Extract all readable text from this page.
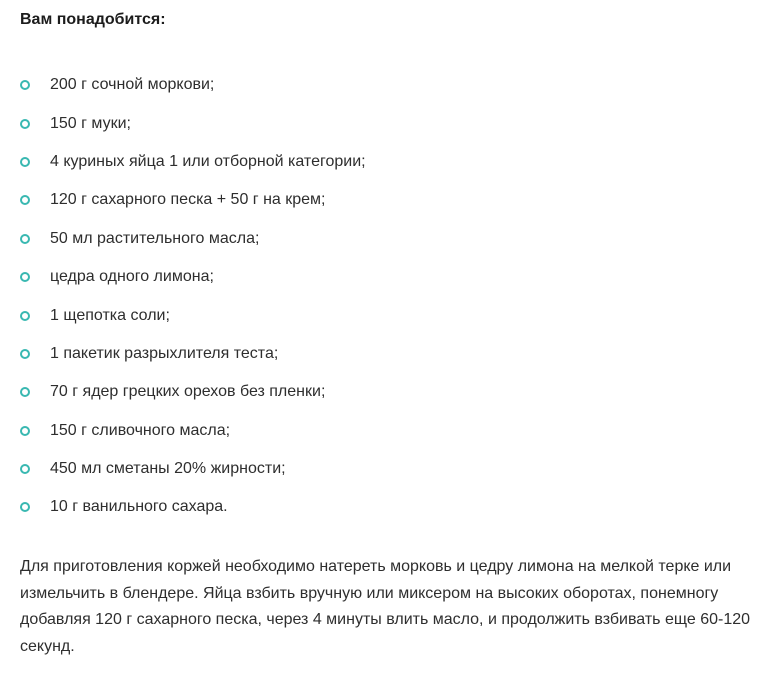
Вам понадобится:
200 г сочной моркови;
150 г муки;
4 куриных яйца 1 или отборной категории;
120 г сахарного песка + 50 г на крем;
50 мл растительного масла;
цедра одного лимона;
1 щепотка соли;
1 пакетик разрыхлителя теста;
70 г ядер грецких орехов без пленки;
150 г сливочного масла;
450 мл сметаны 20% жирности;
10 г ванильного сахара.

Для приготовления коржей необходимо натереть морковь и цедру лимона на мелкой терке или измельчить в блендере. Яйца взбить вручную или миксером на высоких оборотах, понемногу добавляя 120 г сахарного песка, через 4 минуты влить масло, и продолжить взбивать еще 60-120 секунд.
